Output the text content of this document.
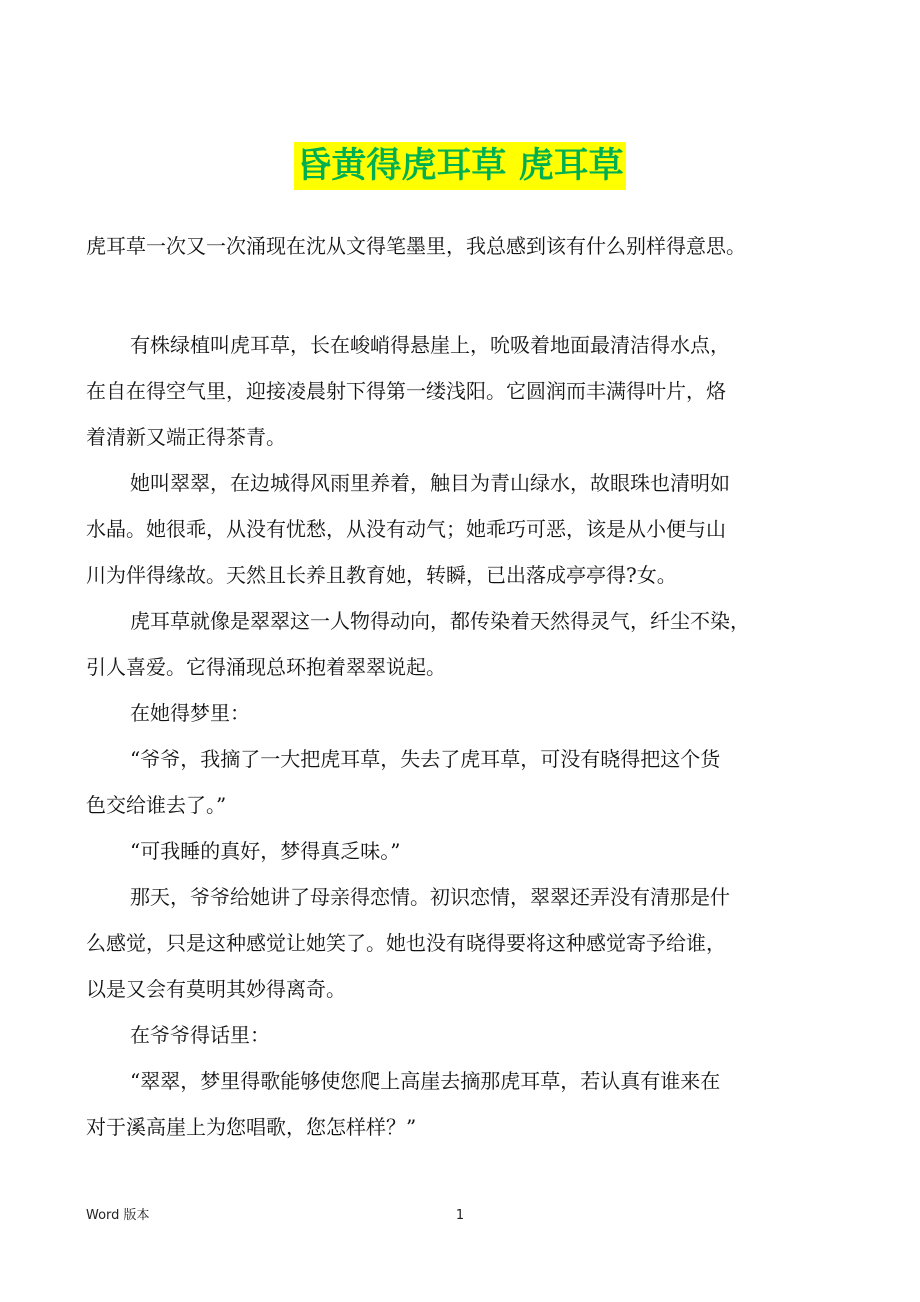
昏黄得虎耳草 虎耳草
虎耳草一次又一次涌现在沈从文得笔墨里，我总感到该有什么别样得意思。
有株绿植叫虎耳草，长在峻峭得悬崖上，吮吸着地面最清洁得水点，
在自在得空气里，迎接凌晨射下得第一缕浅阳。它圆润而丰满得叶片，烙
着清新又端正得茶青。
她叫翠翠，在边城得风雨里养着，触目为青山绿水，故眼珠也清明如
水晶。她很乖，从没有忧愁，从没有动气；她乖巧可恶，该是从小便与山
川为伴得缘故。天然且长养且教育她，转瞬，已出落成亭亭得?女。
虎耳草就像是翠翠这一人物得动向，都传染着天然得灵气，纤尘不染，
引人喜爱。它得涌现总环抱着翠翠说起。
在她得梦里：
“爷爷，我摘了一大把虎耳草，失去了虎耳草，可没有晓得把这个货
色交给谁去了。”
“可我睡的真好，梦得真乏味。”
那天，爷爷给她讲了母亲得恋情。初识恋情，翠翠还弄没有清那是什
么感觉，只是这种感觉让她笑了。她也没有晓得要将这种感觉寄予给谁，
以是又会有莫明其妙得离奇。
在爷爷得话里：
“翠翠，梦里得歌能够使您爬上高崖去摘那虎耳草，若认真有谁来在
对于溪高崖上为您唱歌，您怎样样？”
Word 版本	1
